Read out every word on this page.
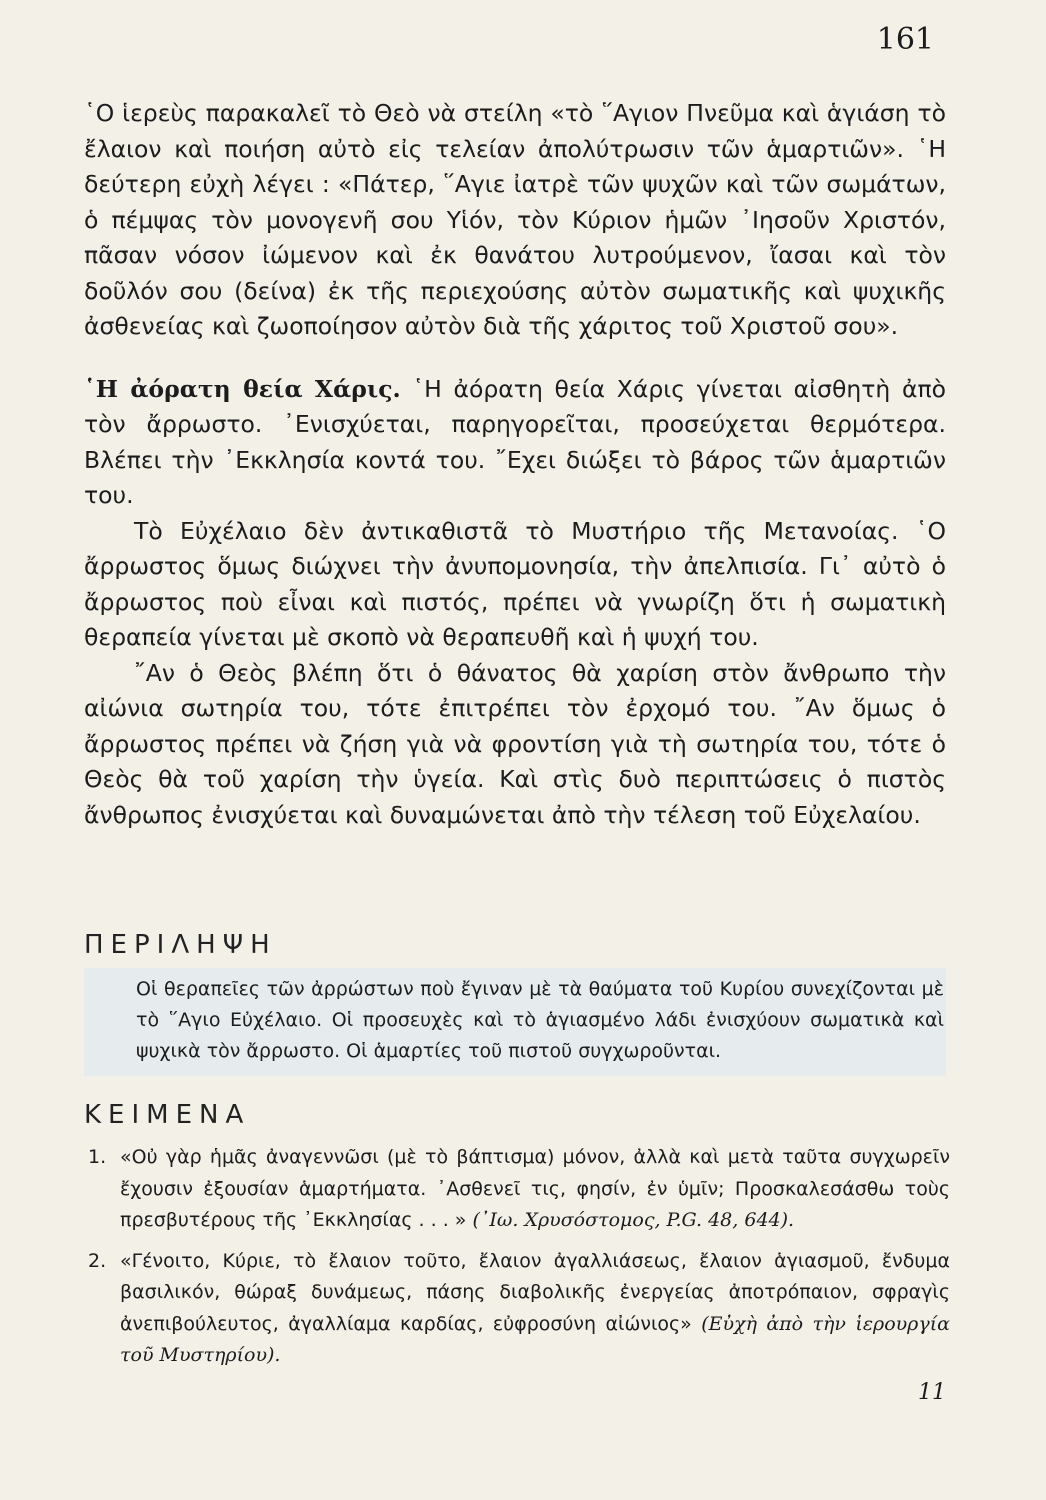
161

῾Ο ἱερεὺς παρακαλεῖ τὸ Θεὸ νὰ στείλη «τὸ ῞Αγιον Πνεῦμα καὶ ἁγιάση τὸ ἔλαιον καὶ ποιήση αὐτὸ εἰς τελείαν ἀπολύτρωσιν τῶν ἁμαρτιῶν». ῾Η δεύτερη εὐχὴ λέγει : «Πάτερ, ῞Αγιε ἰατρὲ τῶν ψυχῶν καὶ τῶν σωμάτων, ὁ πέμψας τὸν μονογενῆ σου Υἱόν, τὸν Κύριον ἡμῶν ᾿Ιησοῦν Χριστόν, πᾶσαν νόσον ἰώμενον καὶ ἐκ θανάτου λυτρούμενον, ἴασαι καὶ τὸν δοῦλόν σου (δείνα) ἐκ τῆς περιεχούσης αὐτὸν σωματικῆς καὶ ψυχικῆς ἀσθενείας καὶ ζωοποίησον αὐτὸν διὰ τῆς χάριτος τοῦ Χριστοῦ σου».

῾Η ἀόρατη θεία Χάρις. ῾Η ἀόρατη θεία Χάρις γίνεται αἰσθητὴ ἀπὸ τὸν ἄρρωστο. ᾿Ενισχύεται, παρηγορεῖται, προσεύχεται θερμότερα. Βλέπει τὴν ᾿Εκκλησία κοντά του. ῎Εχει διώξει τὸ βάρος τῶν ἁμαρτιῶν του.

Τὸ Εὐχέλαιο δὲν ἀντικαθιστᾶ τὸ Μυστήριο τῆς Μετανοίας. ῾Ο ἄρρωστος ὅμως διώχνει τὴν ἀνυπομονησία, τὴν ἀπελπισία. Γι᾿ αὐτὸ ὁ ἄρρωστος ποὺ εἶναι καὶ πιστός, πρέπει νὰ γνωρίζη ὅτι ἡ σωματικὴ θεραπεία γίνεται μὲ σκοπὸ νὰ θεραπευθῆ καὶ ἡ ψυχή του.

῎Αν ὁ Θεὸς βλέπη ὅτι ὁ θάνατος θὰ χαρίση στὸν ἄνθρωπο τὴν αἰώνια σωτηρία του, τότε ἐπιτρέπει τὸν ἐρχομό του. ῎Αν ὅμως ὁ ἄρρωστος πρέπει νὰ ζήση γιὰ νὰ φροντίση γιὰ τὴ σωτηρία του, τότε ὁ Θεὸς θὰ τοῦ χαρίση τὴν ὑγεία. Καὶ στὶς δυὸ περιπτώσεις ὁ πιστὸς ἄνθρωπος ἐνισχύεται καὶ δυναμώνεται ἀπὸ τὴν τέλεση τοῦ Εὐχελαίου.

ΠΕΡΙΛΗΨΗ
Οἱ θεραπεῖες τῶν ἀρρώστων ποὺ ἔγιναν μὲ τὰ θαύματα τοῦ Κυρίου συνεχίζονται μὲ τὸ ῞Αγιο Εὐχέλαιο. Οἱ προσευχὲς καὶ τὸ ἁγιασμένο λάδι ἐνισχύουν σωματικὰ καὶ ψυχικὰ τὸν ἄρρωστο. Οἱ ἁμαρτίες τοῦ πιστοῦ συγχωροῦνται.
ΚΕΙΜΕΝΑ
1. «Οὐ γὰρ ἡμᾶς ἀναγεννῶσι (μὲ τὸ βάπτισμα) μόνον, ἀλλὰ καὶ μετὰ ταῦτα συγχωρεῖν ἔχουσιν ἐξουσίαν ἁμαρτήματα. ᾿Ασθενεῖ τις, φησίν, ἐν ὑμῖν; Προσκαλεσάσθω τοὺς πρεσβυτέρους τῆς ᾿Εκκλησίας . . . » (᾿Ιω. Χρυσόστομος, P.G. 48, 644).
2. «Γένοιτο, Κύριε, τὸ ἔλαιον τοῦτο, ἔλαιον ἀγαλλιάσεως, ἔλαιον ἁγιασμοῦ, ἔνδυμα βασιλικόν, θώραξ δυνάμεως, πάσης διαβολικῆς ἐνεργείας ἀποτρόπαιον, σφραγὶς ἀνεπιβούλευτος, ἀγαλλίαμα καρδίας, εὐφροσύνη αἰώνιος» (Εὐχὴ ἀπὸ τὴν ἱερουργία τοῦ Μυστηρίου).
11
